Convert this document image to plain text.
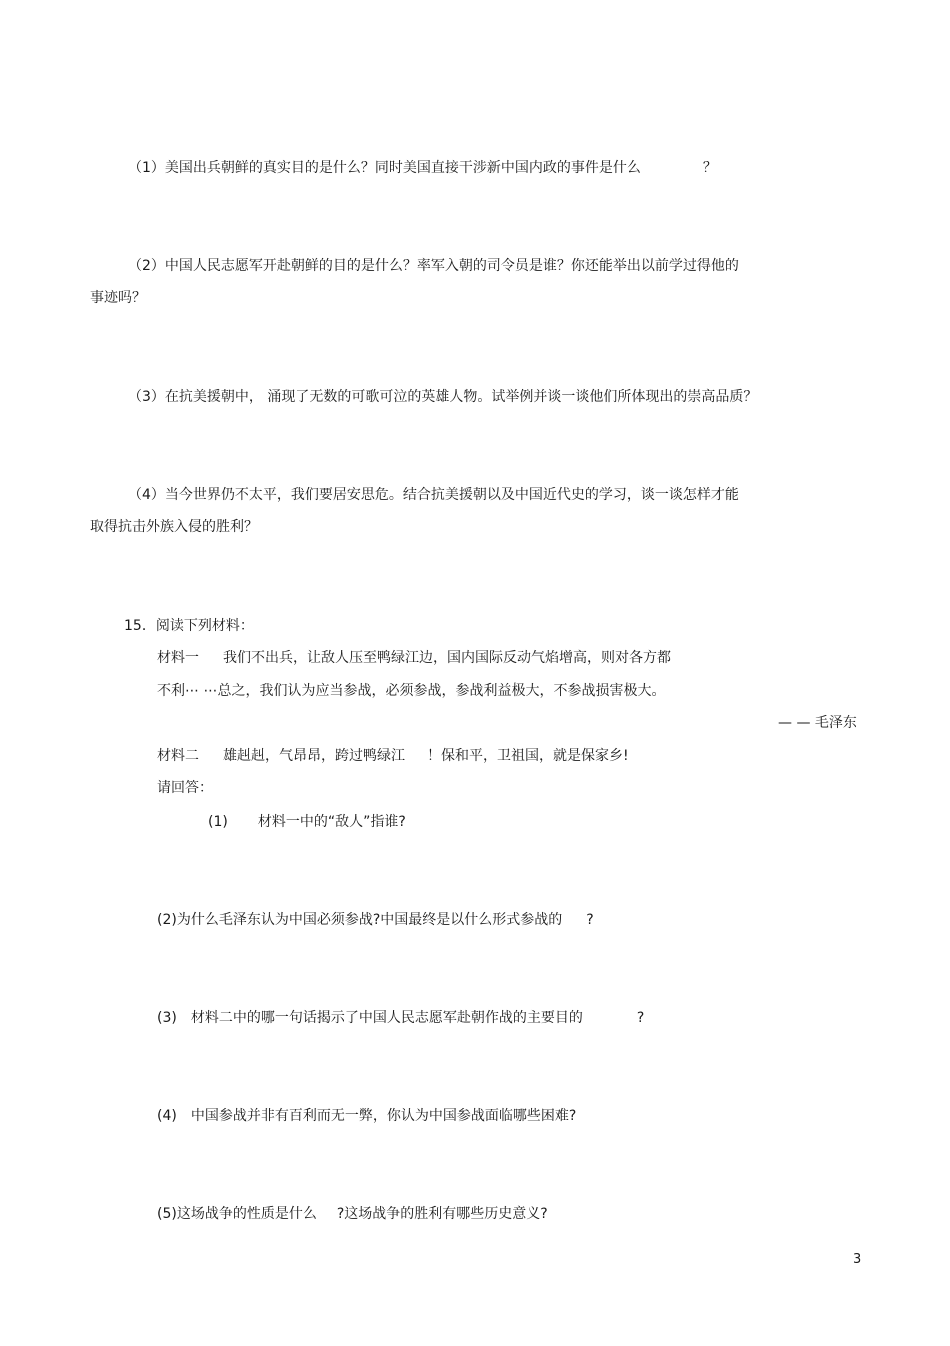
（1）美国出兵朝鲜的真实目的是什么？同时美国直接干涉新中国内政的事件是什么	？
（2）中国人民志愿军开赴朝鲜的目的是什么？率军入朝的司令员是谁？你还能举出以前学过得他的
事迹吗？
（3）在抗美援朝中， 涌现了无数的可歌可泣的英雄人物。试举例并谈一谈他们所体现出的崇高品质？
（4）当今世界仍不太平，我们要居安思危。结合抗美援朝以及中国近代史的学习，谈一谈怎样才能
取得抗击外族入侵的胜利？
15．阅读下列材料：
材料一 我们不出兵，让敌人压至鸭绿江边，国内国际反动气焰增高，则对各方都
不利⋯ ⋯总之，我们认为应当参战，必须参战，参战利益极大，不参战损害极大。
— — 毛泽东
材料二 雄赳赳，气昂昂，跨过鸭绿江 ！保和平，卫祖国，就是保家乡!
请回答：
(1) 材料一中的“敌人”指谁?
(2)为什么毛泽东认为中国必须参战?中国最终是以什么形式参战的 ?
(3) 材料二中的哪一句话揭示了中国人民志愿军赴朝作战的主要目的	?
(4) 中国参战并非有百利而无一弊，你认为中国参战面临哪些困难?
(5)这场战争的性质是什么 ?这场战争的胜利有哪些历史意义?
3
